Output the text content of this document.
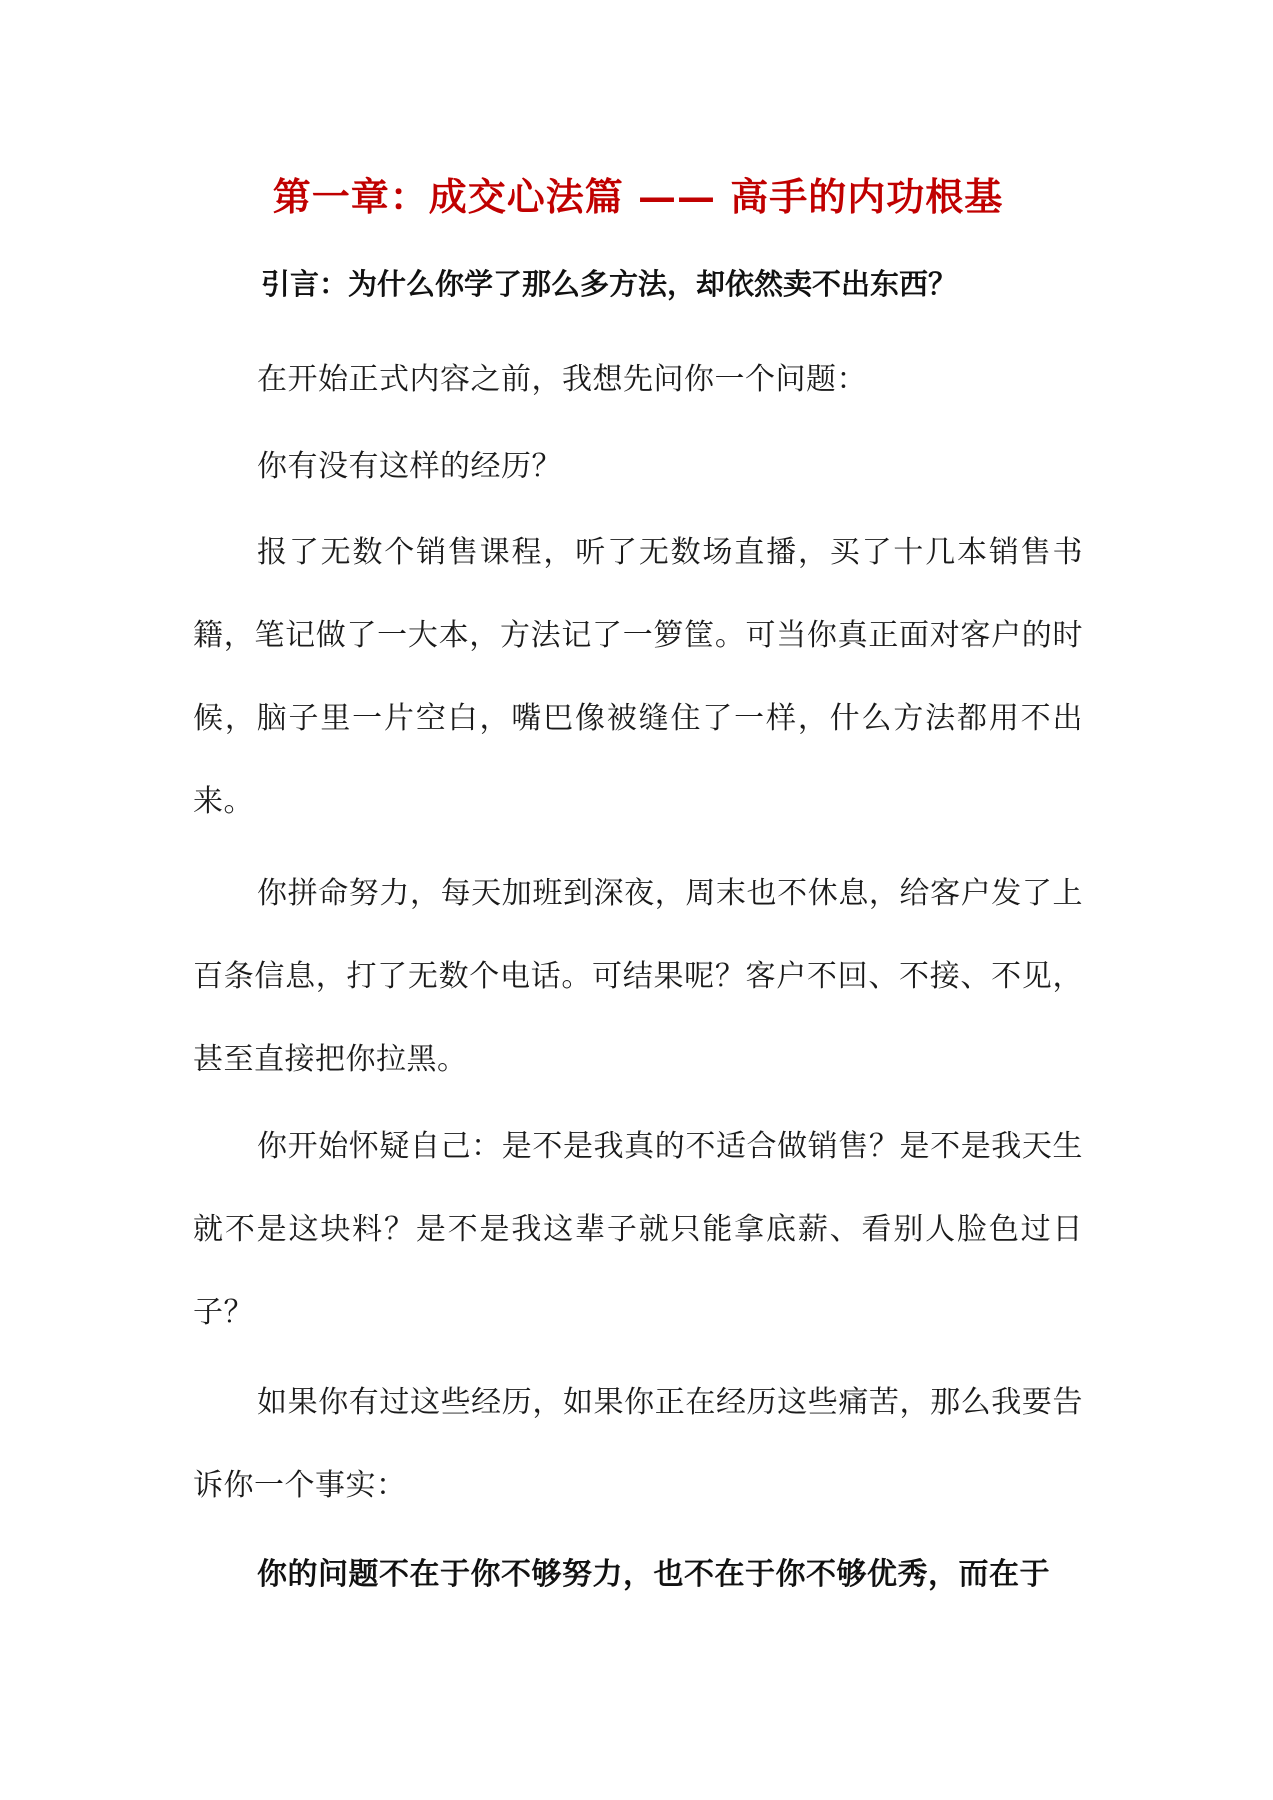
第一章：成交心法篇 —— 高手的内功根基
引言：为什么你学了那么多方法，却依然卖不出东西？

在开始正式内容之前，我想先问你一个问题：

你有没有这样的经历？

报了无数个销售课程，听了无数场直播，买了十几本销售书籍，笔记做了一大本，方法记了一箩筐。可当你真正面对客户的时候，脑子里一片空白，嘴巴像被缝住了一样，什么方法都用不出来。

你拼命努力，每天加班到深夜，周末也不休息，给客户发了上百条信息，打了无数个电话。可结果呢？客户不回、不接、不见，甚至直接把你拉黑。

你开始怀疑自己：是不是我真的不适合做销售？是不是我天生就不是这块料？是不是我这辈子就只能拿底薪、看别人脸色过日子？

如果你有过这些经历，如果你正在经历这些痛苦，那么我要告诉你一个事实：

你的问题不在于你不够努力，也不在于你不够优秀，而在于
